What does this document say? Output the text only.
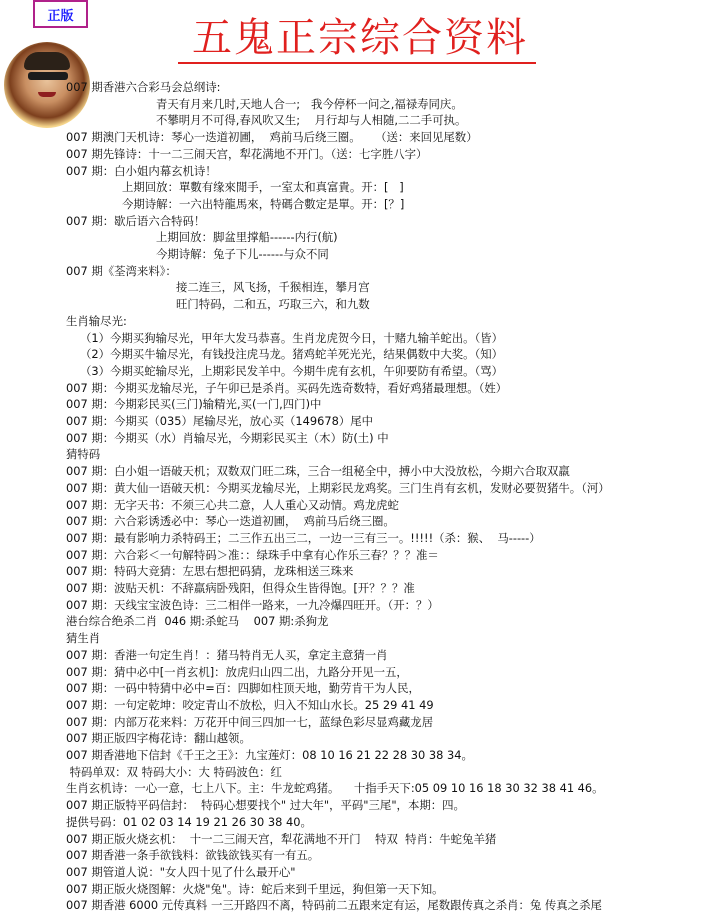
正版	五鬼正宗综合资料
007 期香港六合彩马会总纲诗:
青天有月来几时,天地人合一;   我今停杯一问之,福禄寿同庆。
不攀明月不可得,春风吹又生;    月行却与人相随,二二手可执。
007 期澳门天机诗：琴心一迭道初圃，  鸡前马后绕三圈。    （送：来回见尾数）
007 期先锋诗：十一二三闹天宫，犁花满地不开门。（送：七字胜八字）
007 期：白小姐内幕玄机诗！
上期回放：單數有缘來閒手，一室太和真富貴。开：[   ]
今期诗解：一六出特龍馬來，特碼合數定是單。开：[？]
007 期：歇后语六合特码！
上期回放：脚盆里撑船------内行(航)
今期诗解：兔子下儿------与众不同
007 期《荃湾来料》：
接二连三，风飞扬，千猴相连，攀月宫
旺门特码，二和五，巧取三六，和九数
生肖输尽光:
（1）今期买狗输尽光，甲年大发马恭喜。生肖龙虎贺今日，十赌九输羊蛇出。（皆）
（2）今期买牛输尽光，有钱投注虎马龙。猪鸡蛇羊死光光，结果偶数中大奖。（知）
（3）今期买蛇输尽光，上期彩民发羊中。今期牛虎有玄机，午卯要防有希望。（骂）
007 期：今期买龙输尽光，子午卯已是杀肖。买码先选奇数特，看好鸡猪最理想。（姓）
007 期：今期彩民买(三门)输精光,买(一门,四门)中
007 期：今期买（035）尾输尽光，放心买（149678）尾中
007 期：今期买（水）肖输尽光，今期彩民买主（木）防(土) 中
猜特码
007 期：白小姐一语破天机；双数双门旺二珠，三合一组秘全中，搏小中大没放松，今期六合取双羸
007 期：黄大仙一语破天机：今期买龙输尽光，上期彩民龙鸡奖。三门生肖有玄机，发财必要贺猪牛。（河）
007 期：无字天书：不须三心共二意，人人重心又动情。鸡龙虎蛇
007 期：六合彩诱透必中：琴心一迭道初圃，  鸡前马后绕三圈。
007 期：最有影响力杀特码王；二三作五出三二，一边一三有三一。!!!!!（杀：猴、  马-----）
007 期：六合彩＜一句解特码＞准：：绿珠手中拿有心作乐三春？？？准＝
007 期：特码大竞猜：左思右想把码猜，龙珠相送三珠来
007 期：波贴天机：不辞羸病卧残阳，但得众生皆得饱。[开？？？准
007 期：天线宝宝波色诗：三二相伴一路来，一九冷爆四旺开。（开：？）
港台综合绝杀二肖  046 期:杀蛇马    007 期:杀狗龙
猜生肖
007 期：香港一句定生肖！：猪马特肖无人买，拿定主意猜一肖
007 期：猜中必中[一肖玄机]：放虎归山四二出，九路分开见一五，
007 期：一码中特猜中必中=百：四脚如柱顶天地，勤劳肯干为人民，
007 期：一句定乾坤：咬定青山不放松，归入不知山水长。25 29 41 49
007 期：内部万花来料：万花开中间三四加一七，蓝绿色彩尽显鸡藏龙居
007 期正版四字梅花诗：翻山越领。
007 期香港地下信封《千王之王》：九宝莲灯：08 10 16 21 22 28 30 38 34。
特码单双：双 特码大小：大 特码波色：红
生肖玄机诗：一心一意，七上八下。主：牛龙蛇鸡猪。    十指手天下:05 09 10 16 18 30 32 38 41 46。
007 期正版特平码信封：  特码心想要找个" 过大年"，平码"三尾"，本期：四。
提供号码：01 02 03 14 19 21 26 30 38 40。
007 期正版火烧玄机：  十一二三闹天宫，犁花满地不开门    特双  特肖：牛蛇兔羊猪
007 期香港一条手欲钱料：欲钱欲钱买有一有五。
007 期管道人说："女人四十见了什么最开心"
007 期正版火烧图解：火烧"兔"。诗：蛇后来到千里远，狗但第一天下知。
007 期香港 6000 元传真料 一三开路四不离，特码前二五跟来定有运，尾数跟传真之杀肖：兔 传真之杀尾
